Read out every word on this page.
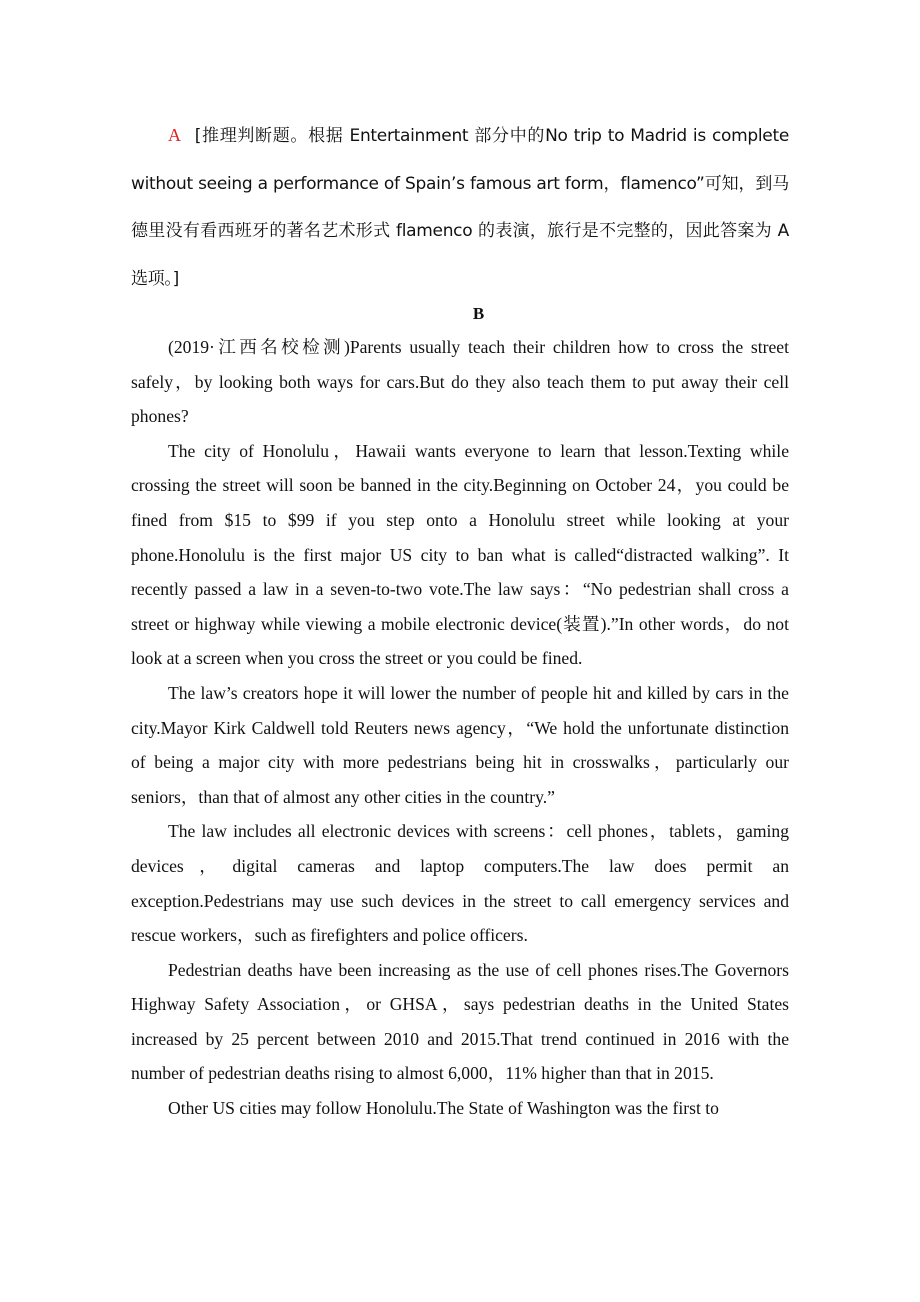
A [推理判断题。根据 Entertainment 部分中的No trip to Madrid is complete without seeing a performance of Spain’s famous art form，flamenco”可知，到马德里没有看西班牙的著名艺术形式 flamenco 的表演，旅行是不完整的，因此答案为 A 选项。]
B

(2019·江西名校检测)Parents usually teach their children how to cross the street safely，by looking both ways for cars.But do they also teach them to put away their cell phones?

The city of Honolulu，Hawaii wants everyone to learn that lesson.Texting while crossing the street will soon be banned in the city.Beginning on October 24，you could be fined from $15 to $99 if you step onto a Honolulu street while looking at your phone.Honolulu is the first major US city to ban what is called“distracted walking”. It recently passed a law in a seven-to-two vote.The law says：“No pedestrian shall cross a street or highway while viewing a mobile electronic device(装置).”In other words，do not look at a screen when you cross the street or you could be fined.

The law’s creators hope it will lower the number of people hit and killed by cars in the city.Mayor Kirk Caldwell told Reuters news agency，“We hold the unfortunate distinction of being a major city with more pedestrians being hit in crosswalks，particularly our seniors，than that of almost any other cities in the country.”

The law includes all electronic devices with screens：cell phones，tablets，gaming devices，digital cameras and laptop computers.The law does permit an exception.Pedestrians may use such devices in the street to call emergency services and rescue workers，such as firefighters and police officers.

Pedestrian deaths have been increasing as the use of cell phones rises.The Governors Highway Safety Association，or GHSA，says pedestrian deaths in the United States increased by 25 percent between 2010 and 2015.That trend continued in 2016 with the number of pedestrian deaths rising to almost 6,000，11% higher than that in 2015.

Other US cities may follow Honolulu.The State of Washington was the first to
